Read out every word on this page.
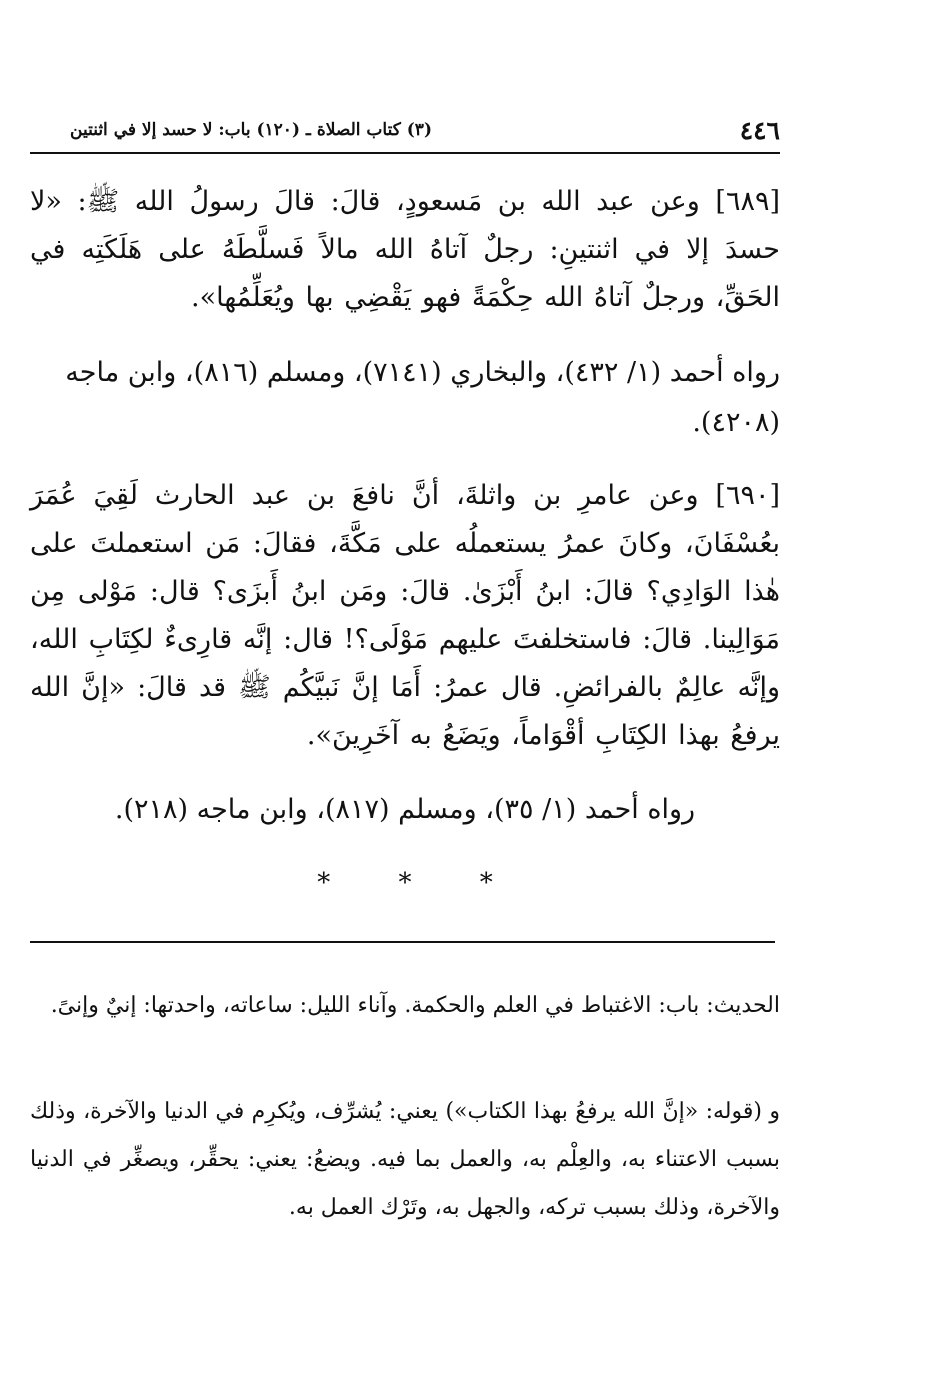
٤٤٦
(٣) كتاب الصلاة ـ (١٢٠) باب: لا حسد إلا في اثنتين
[٦٨٩] وعن عبد الله بن مَسعودٍ، قالَ: قالَ رسولُ الله ﷺ: «لا حسدَ إلا في اثنتينِ: رجلٌ آتاهُ الله مالاً فَسلَّطَهُ على هَلَكَتِه في الحَقِّ، ورجلٌ آتاهُ الله حِكْمَةً فهو يَقْضِي بها ويُعَلِّمُها».
رواه أحمد (١/ ٤٣٢)، والبخاري (٧١٤١)، ومسلم (٨١٦)، وابن ماجه (٤٢٠٨).
[٦٩٠] وعن عامرِ بن واثلةَ، أنَّ نافعَ بن عبد الحارث لَقِيَ عُمَرَ بعُسْفَانَ، وكانَ عمرُ يستعملُه على مَكَّةَ، فقالَ: مَن استعملتَ على هٰذا الوَادِي؟ قالَ: ابنُ أَبْزَىٰ. قالَ: ومَن ابنُ أَبزَى؟ قال: مَوْلى مِن مَوَالِينا. قالَ: فاستخلفتَ عليهم مَوْلَى؟! قال: إنَّه قارِىءٌ لكِتَابِ الله، وإنَّه عالِمٌ بالفرائضِ. قال عمرُ: أَمَا إنَّ نَبيَّكُم ﷺ قد قالَ: «إنَّ الله يرفعُ بهذا الكِتَابِ أقْوَاماً، ويَضَعُ به آخَرِينَ».
رواه أحمد (١/ ٣٥)، ومسلم (٨١٧)، وابن ماجه (٢١٨).
* * *
الحديث: باب: الاغتباط في العلم والحكمة. وآناء الليل: ساعاته، واحدتها: إنيٌ وإنىً.
و (قوله: «إنَّ الله يرفعُ بهذا الكتاب») يعني: يُشرِّف، ويُكرِم في الدنيا والآخرة، وذلك بسبب الاعتناء به، والعِلْم به، والعمل بما فيه. ويضعُ: يعني: يحقِّر، ويصغِّر في الدنيا والآخرة، وذلك بسبب تركه، والجهل به، وتَرْك العمل به.
